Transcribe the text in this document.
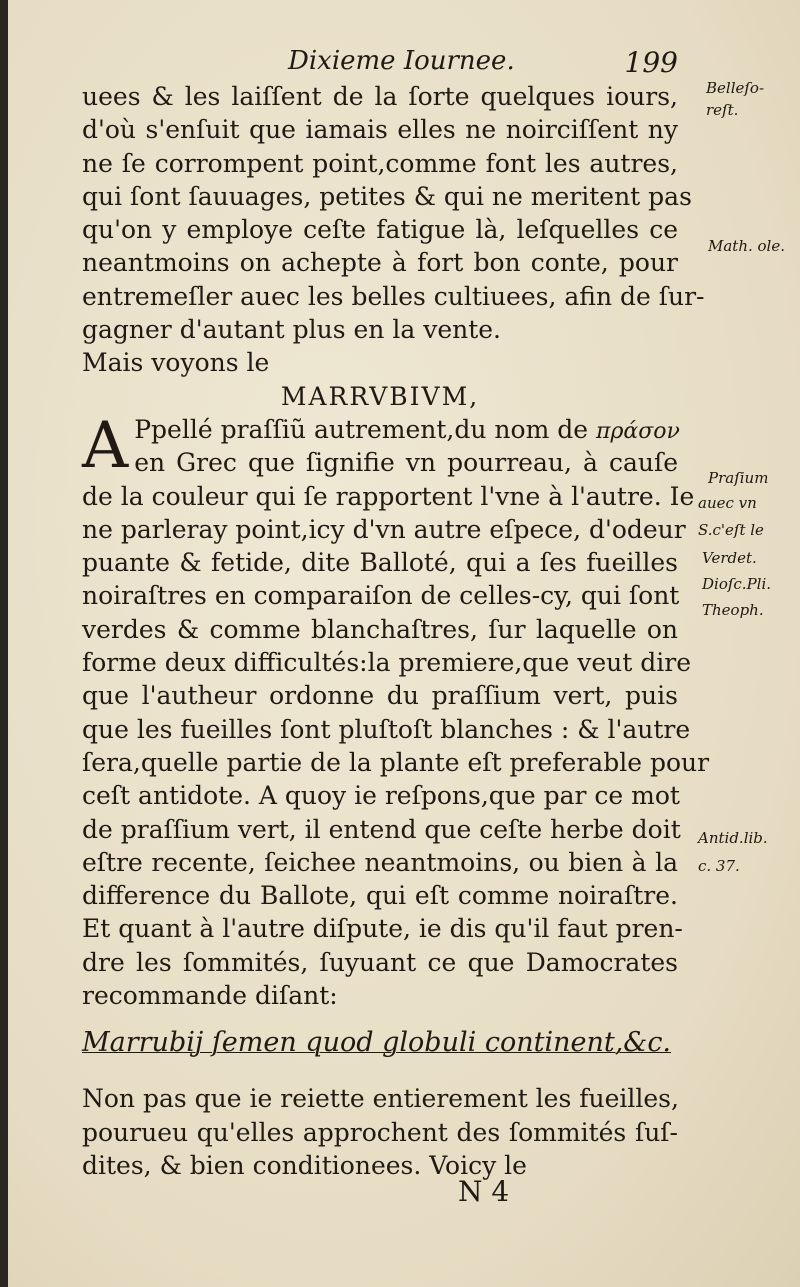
Dixieme Iournee.	199
uees & les laiſſent de la ſorte quelques iours,
d'où s'enſuit que iamais elles ne noirciſſent ny
ne ſe corrompent point,comme font les autres,
qui ſont ſauuages, petites & qui ne meritent pas
qu'on y employe ceſte fatigue là, leſquelles ce
neantmoins on achepte à fort bon conte, pour
entremeſler auec les belles cultiuees, afin de ſur-
gagner d'autant plus en la vente.
Mais voyons le
MARRVBIVM,
A Ppellé praſſiũ autrement,du nom de πράσον
en Grec que ſignifie vn pourreau, à cauſe
de la couleur qui ſe rapportent l'vne à l'autre. Ie
ne parleray point,icy d'vn autre eſpece, d'odeur
puante & fetide, dite Balloté, qui a ſes fueilles
noiraſtres en comparaiſon de celles-cy, qui ſont
verdes & comme blanchaſtres, ſur laquelle on
forme deux difficultés:la premiere,que veut dire
que l'autheur ordonne du praſſium vert, puis
que les fueilles ſont pluſtoſt blanches : & l'autre
ſera,quelle partie de la plante eſt preferable pour
ceſt antidote. A quoy ie reſpons,que par ce mot
de praſſium vert, il entend que ceſte herbe doit
eſtre recente, ſeichee neantmoins, ou bien à la
difference du Ballote, qui eſt comme noiraſtre.
Et quant à l'autre diſpute, ie dis qu'il faut pren-
dre les ſommités, ſuyuant ce que Damocrates
recommande diſant:
Marrubij ſemen quod globuli continent,&c.
Non pas que ie reiette entierement les fueilles,
pourueu qu'elles approchent des ſommités ſuſ-
dites, & bien conditionees. Voicy le
Belleſo-
reſt.
Math. ole.
Praſium
auec vn
S.c'eſt le
Verdet.
Dioſc.Pli.
Theoph.
Antid.lib.
c. 37.
N 4
